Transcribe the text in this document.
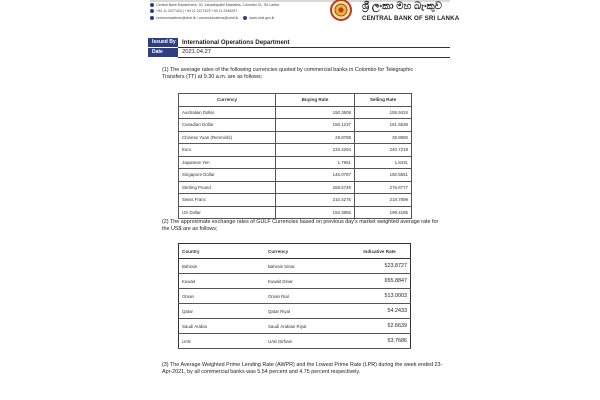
Central Bank Department, 30, Janadhipathi Mawatha, Colombo 01, Sri Lanka
+94 11 2477424 | +94 11 2477423 +94 11 2346257
communications@cbsl.lk / communications@cbsl.lk	www.cbsl.gov.lk
ශ්‍රී ලංකා මහ බැංකුව
CENTRAL BANK OF SRI LANKA
Issued By	International Operations Department
Date	2021.04.27
(1) The average rates of the following currencies quoted by commercial banks in Colombo for Telegraphic Transfers (TT) at 9.30 a.m. are as follows;
Currency	Buying Rate	Selling Rate
Australian Dollar	150.3608	155.9434
Canadian Dollar	156.1237	161.6538
Chinese Yuan (Renminbi)	29.8788	30.8980
Euro	233.4294	240.7218
Japanese Yen	1.7951	1.8431
Singapore Dollar	146.0787	150.5651
Sterling Pound	268.6749	276.6777
Swiss Franc	210.4275	218.7899
US Dollar	194.3865	199.4185
(2) The approximate exchange rates of GULF Currencies based on previous day's market weighted average rate for the US$ are as follows;
Country	Currency	Indicative Rate
Bahrain	Bahrain Dinar	523.8727
Kuwait	Kuwait Dinar	655.8847
Oman	Oman Rial	513.0003
Qatar	Qatar Riyal	54.2433
Saudi Arabia	Saudi Arabian Riyal	52.6639
UAE	UAE Dirham	53.7686
(3) The Average Weighted Prime Lending Rate (AWPR) and the Lowest Prime Rate (LPR) during the week ended 23-Apr-2021, by all commercial banks was 5.54 percent and 4.75 percent respectively.
